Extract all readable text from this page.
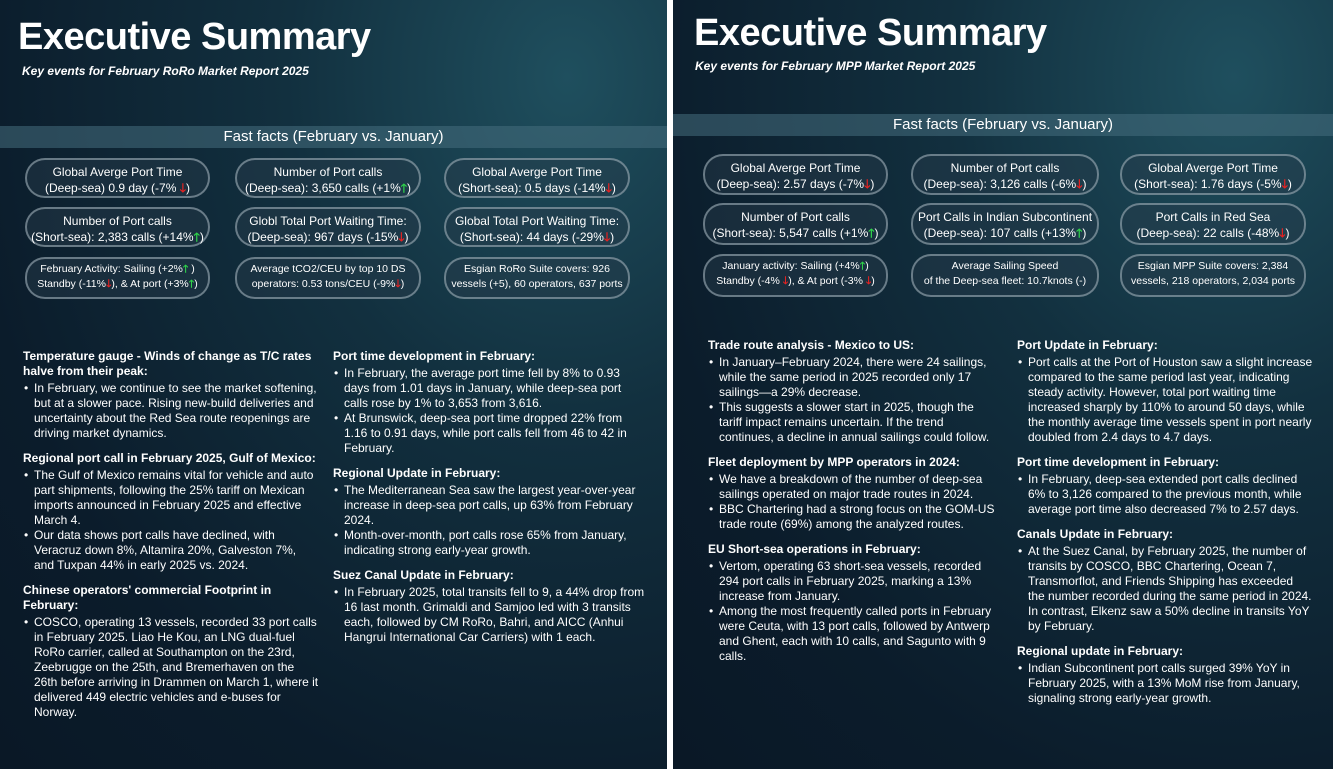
Executive Summary
Key events for February RoRo Market Report 2025
Fast facts (February vs. January)
Global Averge Port Time
(Deep-sea) 0.9 day (-7% 🡓)
Number of Port calls
(Deep-sea): 3,650 calls (+1%🡑)
Global Averge Port Time
(Short-sea): 0.5 days (-14%🡓)
Number of Port calls
(Short-sea): 2,383 calls (+14%🡑)
Globl Total Port Waiting Time:
(Deep-sea): 967 days (-15%🡓)
Global Total Port Waiting Time:
(Short-sea): 44 days (-29%🡓)
February Activity: Sailing (+2%🡑 )
Standby (-11%🡓), & At port (+3%🡑)
Average tCO2/CEU by top 10 DS
operators: 0.53 tons/CEU (-9%🡓)
Esgian RoRo Suite covers: 926
vessels (+5), 60 operators, 637 ports
Temperature gauge - Winds of change as T/C rates halve from their peak:
• In February, we continue to see the market softening, but at a slower pace. Rising new-build deliveries and uncertainty about the Red Sea route reopenings are driving market dynamics.
Regional port call in February 2025, Gulf of Mexico:
• The Gulf of Mexico remains vital for vehicle and auto part shipments, following the 25% tariff on Mexican imports announced in February 2025 and effective March 4.
• Our data shows port calls have declined, with Veracruz down 8%, Altamira 20%, Galveston 7%, and Tuxpan 44% in early 2025 vs. 2024.
Chinese operators' commercial Footprint in February:
• COSCO, operating 13 vessels, recorded 33 port calls in February 2025. Liao He Kou, an LNG dual-fuel RoRo carrier, called at Southampton on the 23rd, Zeebrugge on the 25th, and Bremerhaven on the 26th before arriving in Drammen on March 1, where it delivered 449 electric vehicles and e-buses for Norway.
Port time development in February:
• In February, the average port time fell by 8% to 0.93 days from 1.01 days in January, while deep-sea port calls rose by 1% to 3,653 from 3,616.
• At Brunswick, deep-sea port time dropped 22% from 1.16 to 0.91 days, while port calls fell from 46 to 42 in February.
Regional Update in February:
• The Mediterranean Sea saw the largest year-over-year increase in deep-sea port calls, up 63% from February 2024.
• Month-over-month, port calls rose 65% from January, indicating strong early-year growth.
Suez Canal Update in February:
• In February 2025, total transits fell to 9, a 44% drop from 16 last month. Grimaldi and Samjoo led with 3 transits each, followed by CM RoRo, Bahri, and AICC (Anhui Hangrui International Car Carriers) with 1 each.
Executive Summary
Key events for February MPP Market Report 2025
Fast facts (February vs. January)
Global Averge Port Time
(Deep-sea): 2.57 days (-7%🡓)
Number of Port calls
(Deep-sea): 3,126 calls (-6%🡓)
Global Averge Port Time
(Short-sea): 1.76 days (-5%🡓)
Number of Port calls
(Short-sea): 5,547 calls (+1%🡑)
Port Calls in Indian Subcontinent
(Deep-sea): 107 calls (+13%🡑)
Port Calls in Red Sea
(Deep-sea): 22 calls (-48%🡓)
January activity: Sailing (+4%🡑)
Standby (-4% 🡓), & At port (-3% 🡓)
Average Sailing Speed
of the Deep-sea fleet: 10.7knots (-)
Esgian MPP Suite covers: 2,384
vessels, 218 operators, 2,034 ports
Trade route analysis - Mexico to US:
• In January–February 2024, there were 24 sailings, while the same period in 2025 recorded only 17 sailings—a 29% decrease.
• This suggests a slower start in 2025, though the tariff impact remains uncertain. If the trend continues, a decline in annual sailings could follow.
Fleet deployment by MPP operators in 2024:
• We have a breakdown of the number of deep-sea sailings operated on major trade routes in 2024.
• BBC Chartering had a strong focus on the GOM-US trade route (69%) among the analyzed routes.
EU Short-sea operations in February:
• Vertom, operating 63 short-sea vessels, recorded 294 port calls in February 2025, marking a 13% increase from January.
• Among the most frequently called ports in February were Ceuta, with 13 port calls, followed by Antwerp and Ghent, each with 10 calls, and Sagunto with 9 calls.
Port Update in February:
• Port calls at the Port of Houston saw a slight increase compared to the same period last year, indicating steady activity. However, total port waiting time increased sharply by 110% to around 50 days, while the monthly average time vessels spent in port nearly doubled from 2.4 days to 4.7 days.
Port time development in February:
• In February, deep-sea extended port calls declined 6% to 3,126 compared to the previous month, while average port time also decreased 7% to 2.57 days.
Canals Update in February:
• At the Suez Canal, by February 2025, the number of transits by COSCO, BBC Chartering, Ocean 7, Transmorflot, and Friends Shipping has exceeded the number recorded during the same period in 2024. In contrast, Elkenz saw a 50% decline in transits YoY by February.
Regional update in February:
• Indian Subcontinent port calls surged 39% YoY in February 2025, with a 13% MoM rise from January, signaling strong early-year growth.
